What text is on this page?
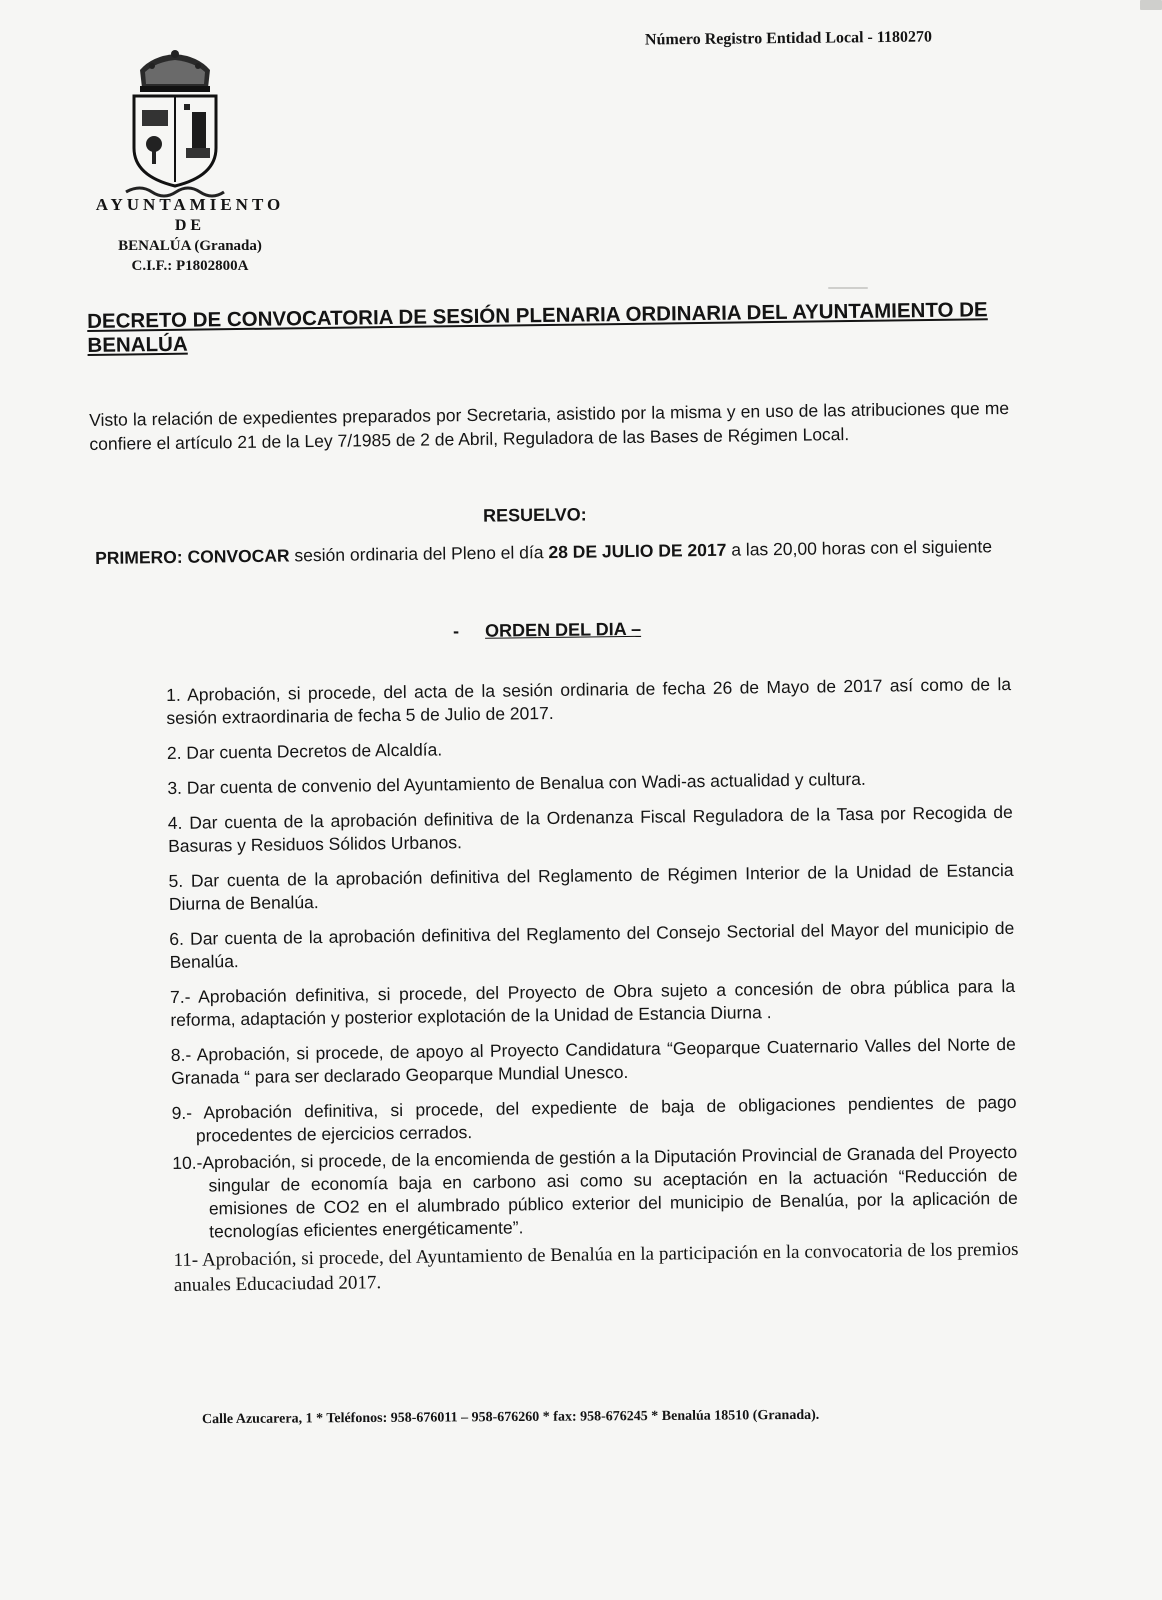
Número Registro Entidad Local - 1180270
AYUNTAMIENTO
DE
BENALÚA (Granada)
C.I.F.: P1802800A
DECRETO DE CONVOCATORIA DE SESIÓN PLENARIA ORDINARIA DEL AYUNTAMIENTO DE BENALÚA
Visto la relación de expedientes preparados por Secretaria, asistido por la misma y en uso de las atribuciones que me confiere el artículo 21 de la Ley 7/1985 de 2 de Abril, Reguladora de las Bases de Régimen Local.
RESUELVO:
PRIMERO: CONVOCAR sesión ordinaria del Pleno el día 28 DE JULIO DE 2017 a las 20,00 horas con el siguiente
- ORDEN DEL DIA –
1. Aprobación, si procede, del acta de la sesión ordinaria de fecha 26 de Mayo de 2017 así como de la sesión extraordinaria de fecha 5 de Julio de 2017.
2. Dar cuenta Decretos de Alcaldía.
3. Dar cuenta de convenio del Ayuntamiento de Benalua con Wadi-as actualidad y cultura.
4. Dar cuenta de la aprobación definitiva de la Ordenanza Fiscal Reguladora de la Tasa por Recogida de Basuras y Residuos Sólidos Urbanos.
5. Dar cuenta de la aprobación definitiva del Reglamento de Régimen Interior de la Unidad de Estancia Diurna de Benalúa.
6. Dar cuenta de la aprobación definitiva del Reglamento del Consejo Sectorial del Mayor del municipio de Benalúa.
7.- Aprobación definitiva, si procede, del Proyecto de Obra sujeto a concesión de obra pública para la reforma, adaptación y posterior explotación de la Unidad de Estancia Diurna .
8.- Aprobación, si procede, de apoyo al Proyecto Candidatura “Geoparque Cuaternario Valles del Norte de Granada “ para ser declarado Geoparque Mundial Unesco.
9.- Aprobación definitiva, si procede, del expediente de baja de obligaciones pendientes de pago procedentes de ejercicios cerrados.
10.-Aprobación, si procede, de la encomienda de gestión a la Diputación Provincial de Granada del Proyecto singular de economía baja en carbono asi como su aceptación en la actuación “Reducción de emisiones de CO2 en el alumbrado público exterior del municipio de Benalúa, por la aplicación de tecnologías eficientes energéticamente”.
11- Aprobación, si procede, del Ayuntamiento de Benalúa en la participación en la convocatoria de los premios anuales Educaciudad 2017.
Calle Azucarera, 1 * Teléfonos: 958-676011 – 958-676260 * fax: 958-676245 * Benalúa 18510 (Granada).
